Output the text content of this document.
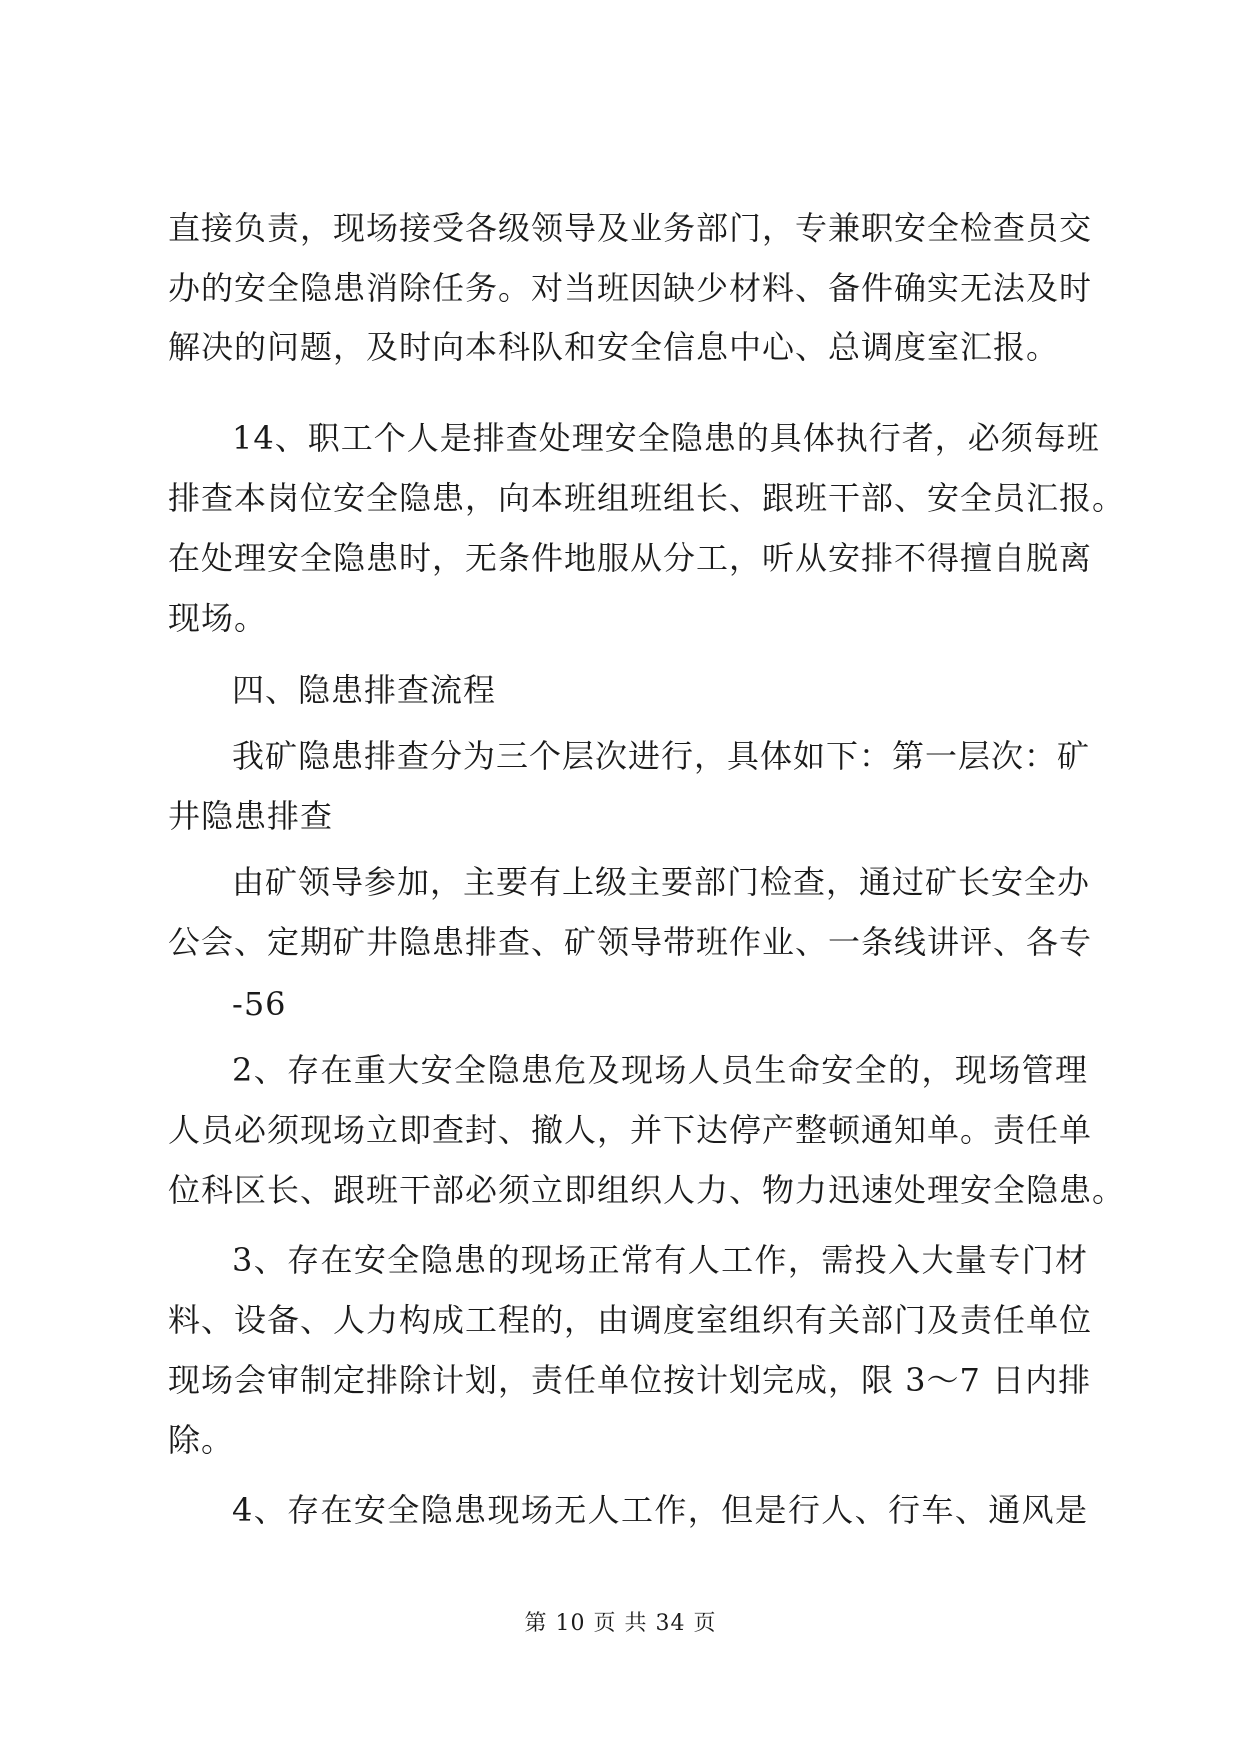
直接负责，现场接受各级领导及业务部门，专兼职安全检查员交
办的安全隐患消除任务。对当班因缺少材料、备件确实无法及时
解决的问题，及时向本科队和安全信息中心、总调度室汇报。
14、职工个人是排查处理安全隐患的具体执行者，必须每班
排查本岗位安全隐患，向本班组班组长、跟班干部、安全员汇报。
在处理安全隐患时，无条件地服从分工，听从安排不得擅自脱离
现场。
四、隐患排查流程
我矿隐患排查分为三个层次进行，具体如下：第一层次：矿
井隐患排查
由矿领导参加，主要有上级主要部门检查，通过矿长安全办
公会、定期矿井隐患排查、矿领导带班作业、一条线讲评、各专
-56
2、存在重大安全隐患危及现场人员生命安全的，现场管理
人员必须现场立即查封、撤人，并下达停产整顿通知单。责任单
位科区长、跟班干部必须立即组织人力、物力迅速处理安全隐患。
3、存在安全隐患的现场正常有人工作，需投入大量专门材
料、设备、人力构成工程的，由调度室组织有关部门及责任单位
现场会审制定排除计划，责任单位按计划完成，限 3～7 日内排
除。
4、存在安全隐患现场无人工作，但是行人、行车、通风是
第 10 页 共 34 页
